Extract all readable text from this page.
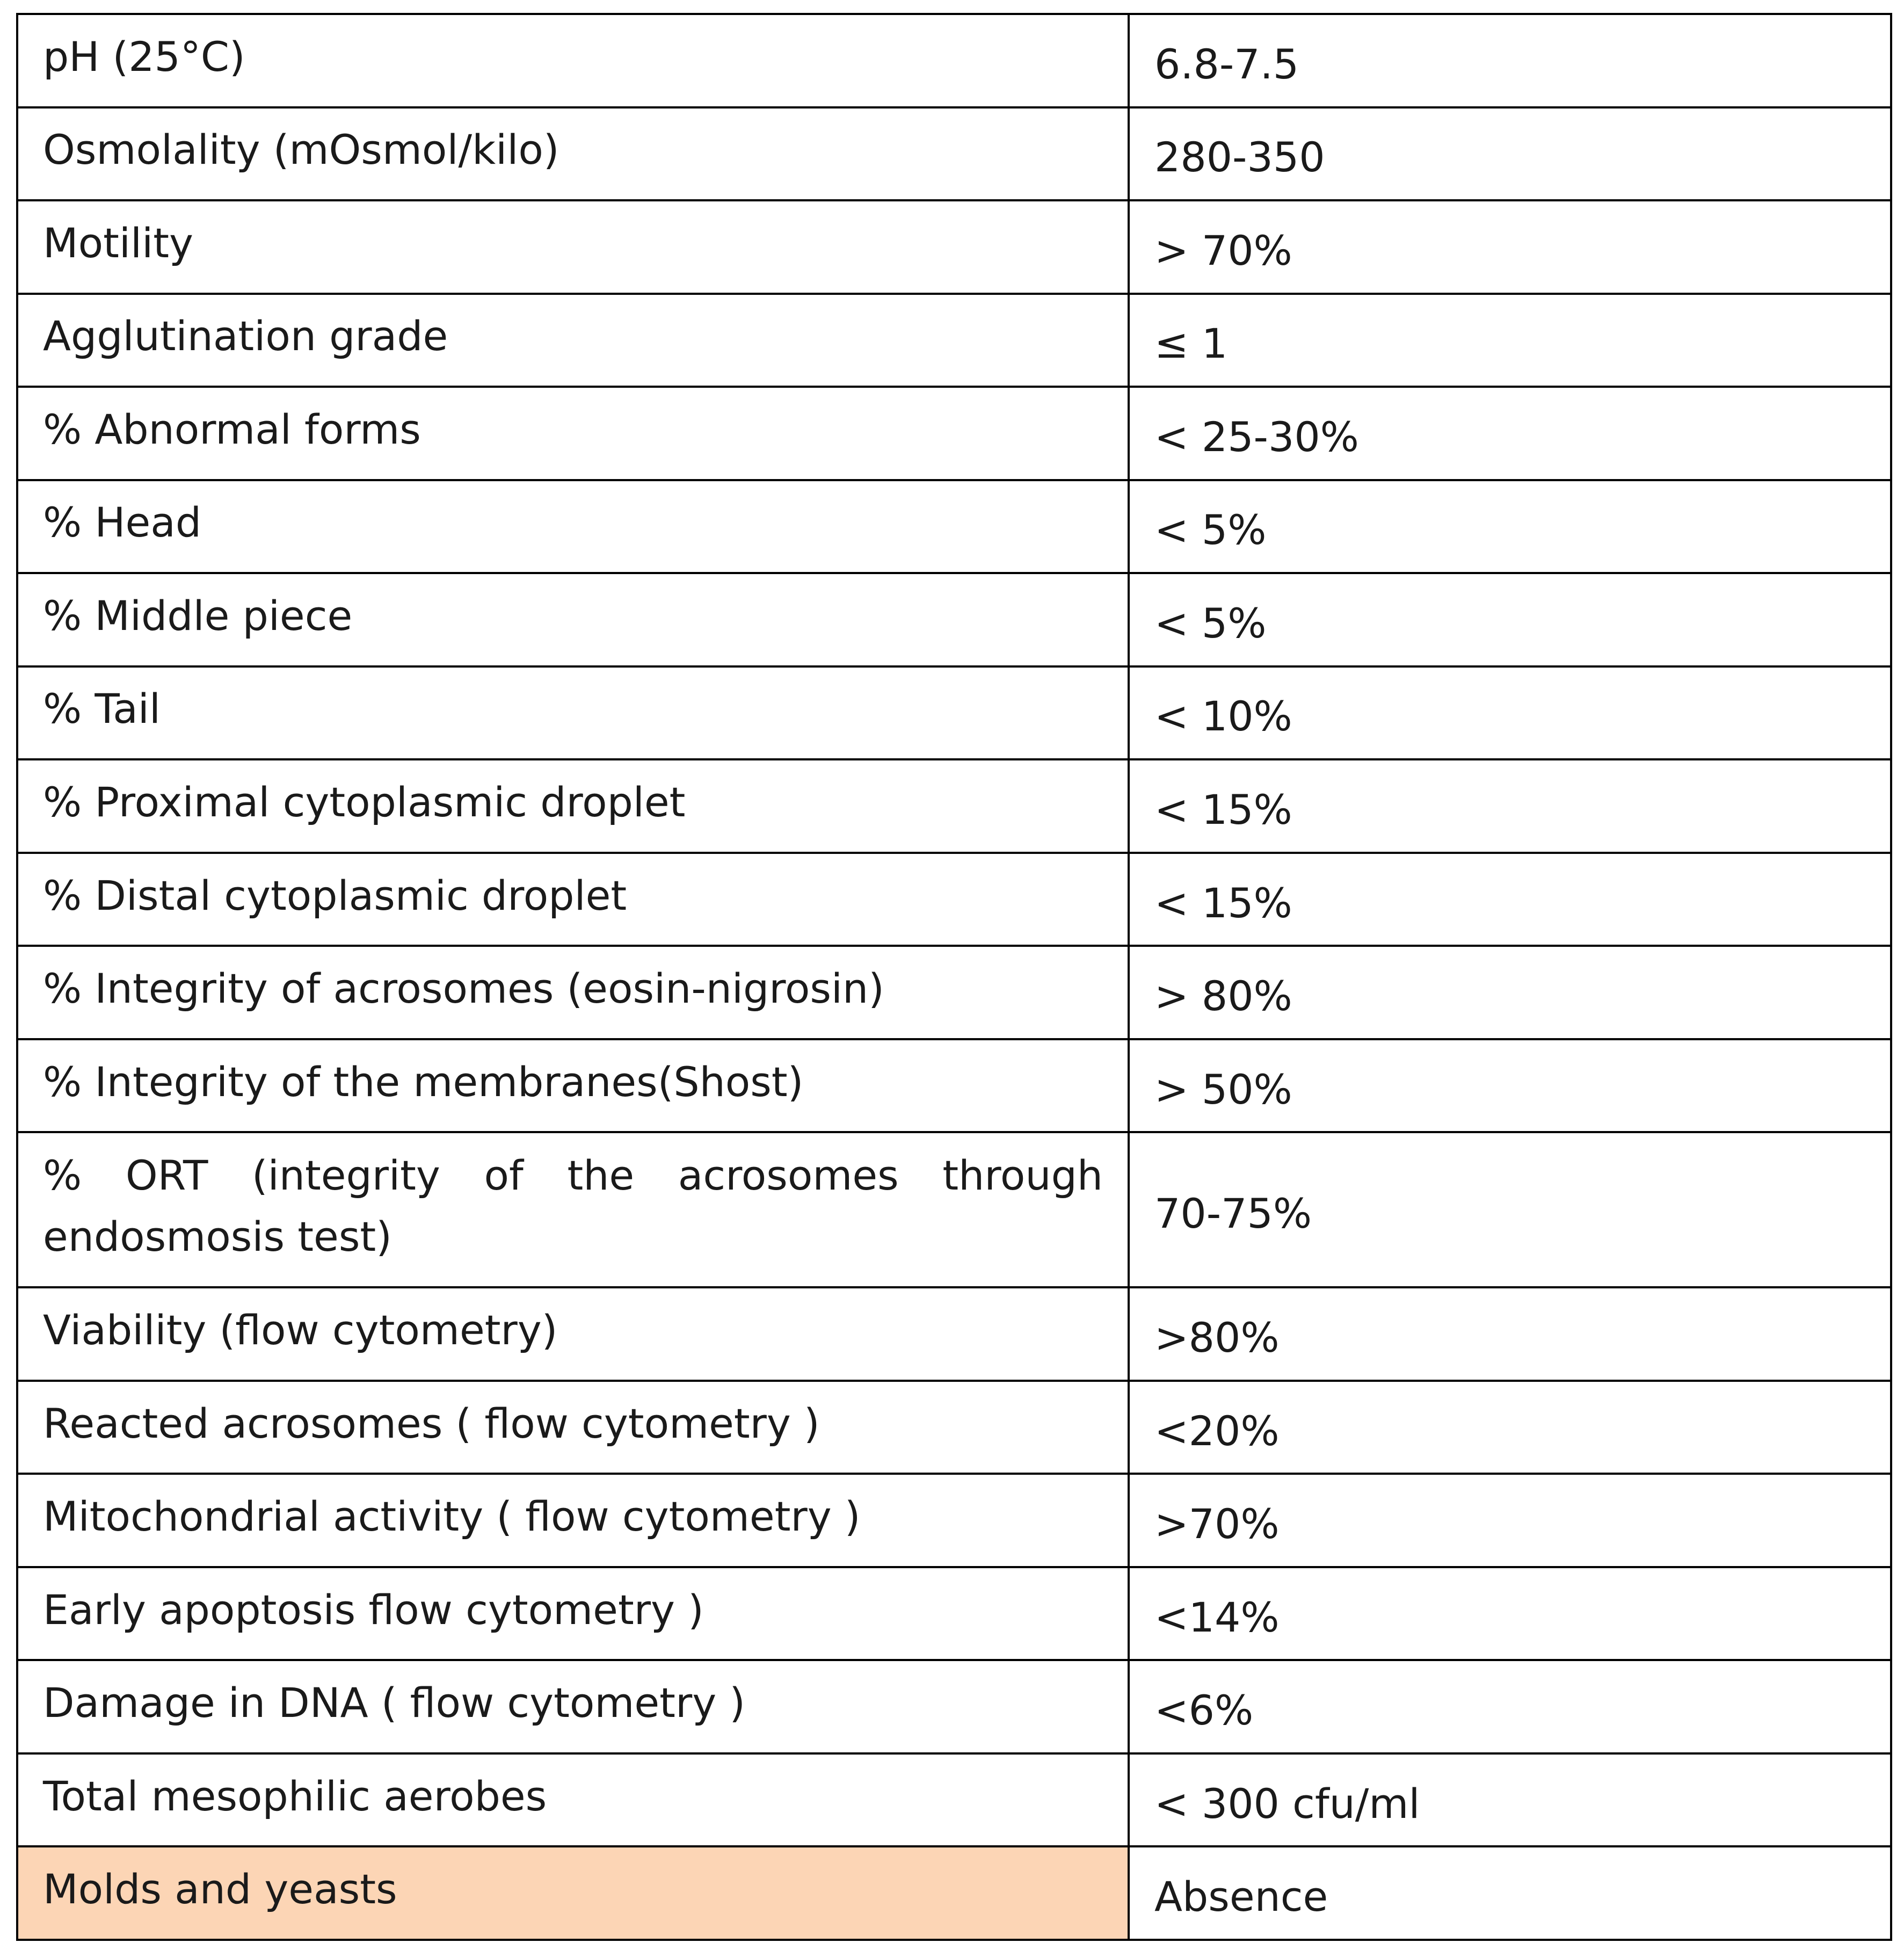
pH (25°C)	6.8-7.5
Osmolality (mOsmol/kilo)	280-350
Motility	> 70%
Agglutination grade	≤ 1
% Abnormal forms	< 25-30%
% Head	< 5%
% Middle piece	< 5%
% Tail	< 10%
% Proximal cytoplasmic droplet	< 15%
% Distal cytoplasmic droplet	< 15%
% Integrity of acrosomes (eosin-nigrosin)	> 80%
% Integrity of the membranes(Shost)	> 50%
% ORT (integrity of the acrosomes through endosmosis test)	70-75%
Viability (flow cytometry)	>80%
Reacted acrosomes ( flow cytometry )	<20%
Mitochondrial activity ( flow cytometry )	>70%
Early apoptosis flow cytometry )	<14%
Damage in DNA ( flow cytometry )	<6%
Total mesophilic aerobes	< 300 cfu/ml
Molds and yeasts	Absence
